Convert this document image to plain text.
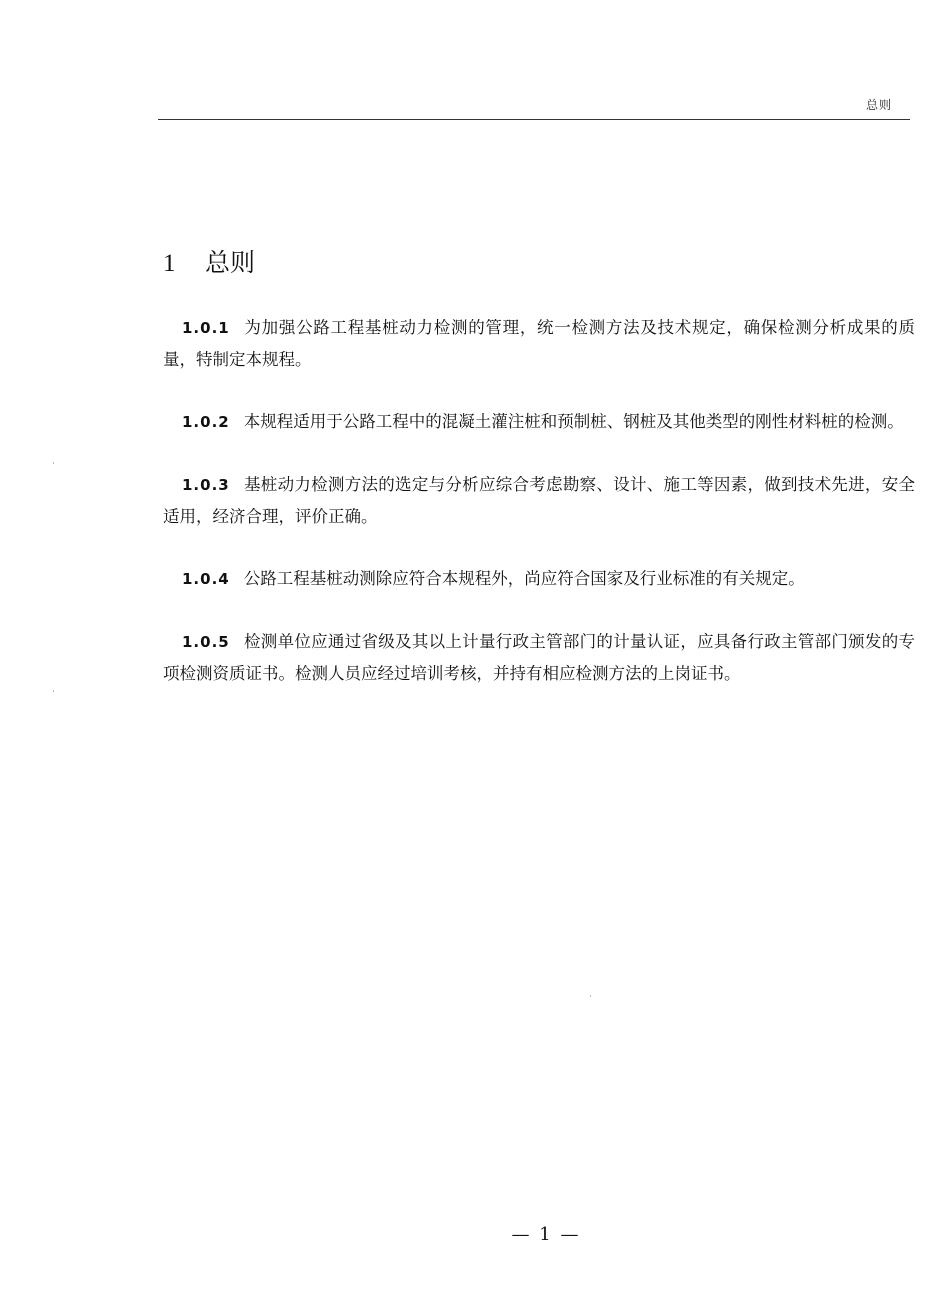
总则
1 总则

1.0.1 为加强公路工程基桩动力检测的管理，统一检测方法及技术规定，确保检测分析成果的质量，特制定本规程。

1.0.2 本规程适用于公路工程中的混凝土灌注桩和预制桩、钢桩及其他类型的刚性材料桩的检测。

1.0.3 基桩动力检测方法的选定与分析应综合考虑勘察、设计、施工等因素，做到技术先进，安全适用，经济合理，评价正确。

1.0.4 公路工程基桩动测除应符合本规程外，尚应符合国家及行业标准的有关规定。

1.0.5 检测单位应通过省级及其以上计量行政主管部门的计量认证，应具备行政主管部门颁发的专项检测资质证书。检测人员应经过培训考核，并持有相应检测方法的上岗证书。

— 1 —
